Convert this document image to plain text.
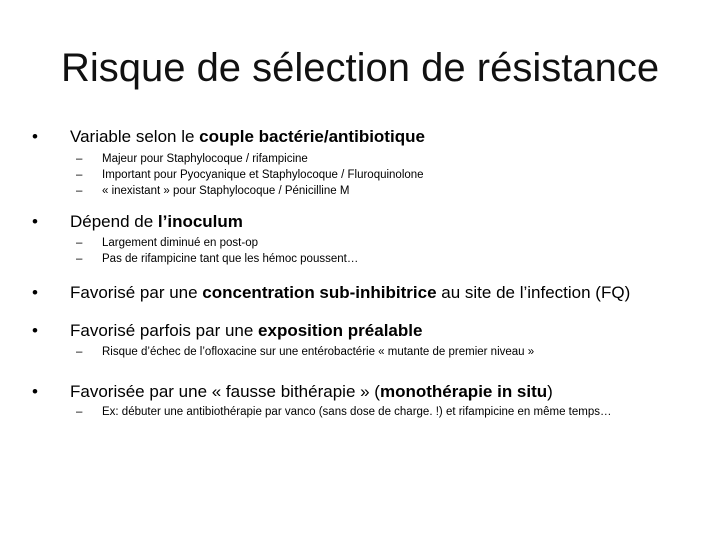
Risque de sélection de résistance
•	Variable selon le couple bactérie/antibiotique
– Majeur pour Staphylocoque / rifampicine
– Important pour Pyocyanique et Staphylocoque / Fluroquinolone
– « inexistant » pour Staphylocoque / Pénicilline M
•	Dépend de l’inoculum
– Largement diminué en post-op
– Pas de rifampicine tant que les hémoc poussent…
•	Favorisé par une concentration sub-inhibitrice au site de l’infection (FQ)
•	Favorisé parfois par une exposition préalable
– Risque d’échec de l’ofloxacine sur une entérobactérie « mutante de premier niveau »
•	Favorisée par une « fausse bithérapie » (monothérapie in situ)
– Ex: débuter une antibiothérapie par vanco (sans dose de charge. !) et rifampicine en même temps…
